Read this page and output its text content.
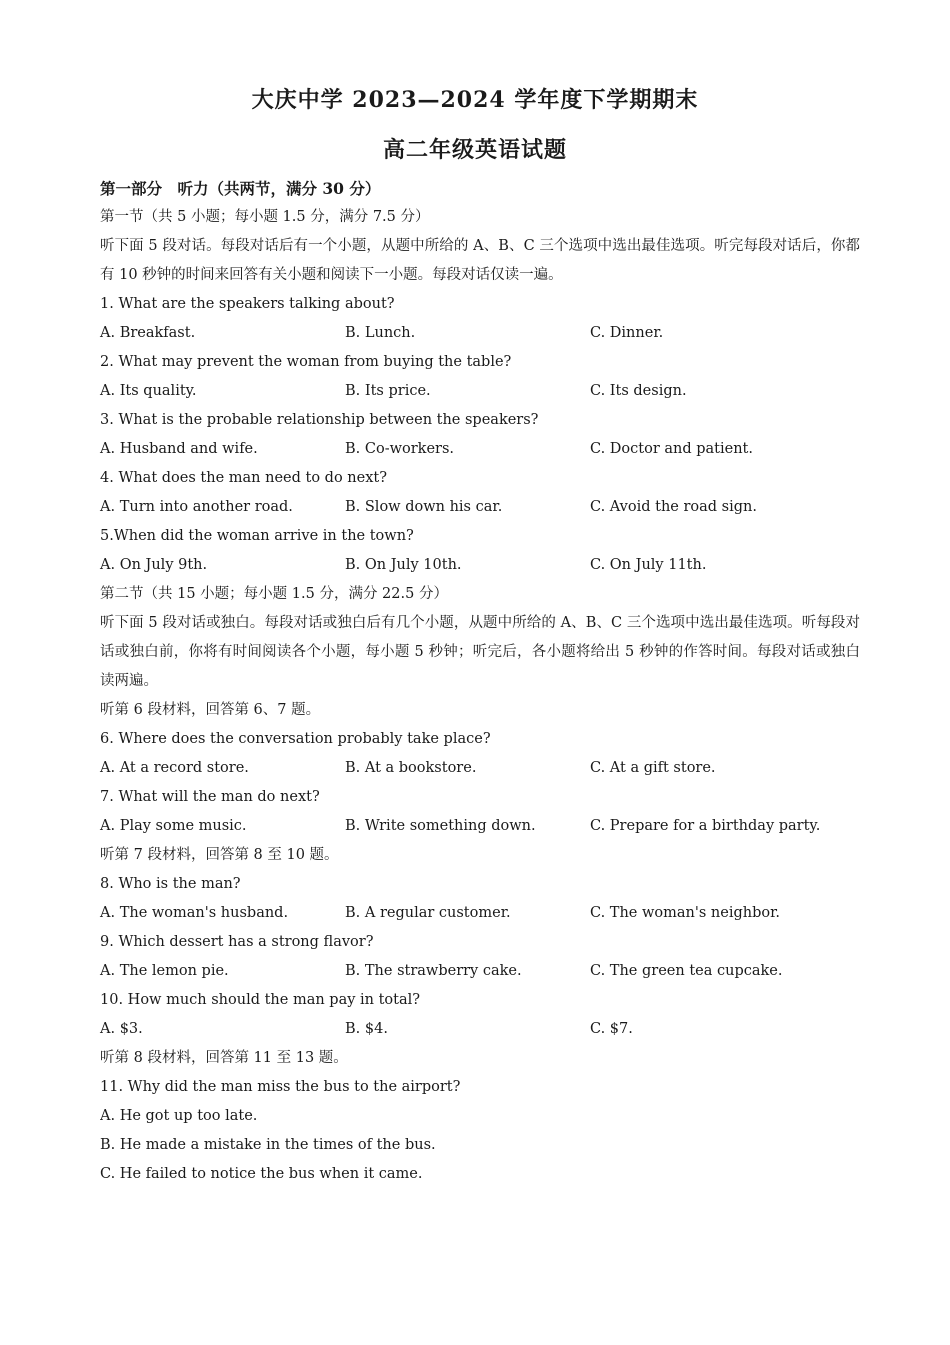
大庆中学 2023—2024 学年度下学期期末
高二年级英语试题
第一部分　听力（共两节，满分 30 分）
第一节（共 5 小题；每小题 1.5 分，满分 7.5 分）
听下面 5 段对话。每段对话后有一个小题，从题中所给的 A、B、C 三个选项中选出最佳选项。听完每段对话后，你都有 10 秒钟的时间来回答有关小题和阅读下一小题。每段对话仅读一遍。
1. What are the speakers talking about?
A. Breakfast.	B. Lunch.	C. Dinner.
2. What may prevent the woman from buying the table?
A. Its quality.	B. Its price.	C. Its design.
3. What is the probable relationship between the speakers?
A. Husband and wife.	B. Co-workers.	C. Doctor and patient.
4. What does the man need to do next?
A. Turn into another road.	B. Slow down his car.	C. Avoid the road sign.
5.When did the woman arrive in the town?
A. On July 9th.	B. On July 10th.	C. On July 11th.
第二节（共 15 小题；每小题 1.5 分，满分 22.5 分）
听下面 5 段对话或独白。每段对话或独白后有几个小题，从题中所给的 A、B、C 三个选项中选出最佳选项。听每段对话或独白前，你将有时间阅读各个小题，每小题 5 秒钟；听完后，各小题将给出 5 秒钟的作答时间。每段对话或独白读两遍。
听第 6 段材料，回答第 6、7 题。
6. Where does the conversation probably take place?
A. At a record store.	B. At a bookstore.	C. At a gift store.
7. What will the man do next?
A. Play some music.	B. Write something down.	C. Prepare for a birthday party.
听第 7 段材料，回答第 8 至 10 题。
8. Who is the man?
A. The woman's husband.	B. A regular customer.	C. The woman's neighbor.
9. Which dessert has a strong flavor?
A. The lemon pie.	B. The strawberry cake.	C. The green tea cupcake.
10. How much should the man pay in total?
A. $3.	B. $4.	C. $7.
听第 8 段材料，回答第 11 至 13 题。
11. Why did the man miss the bus to the airport?
A. He got up too late.
B. He made a mistake in the times of the bus.
C. He failed to notice the bus when it came.
